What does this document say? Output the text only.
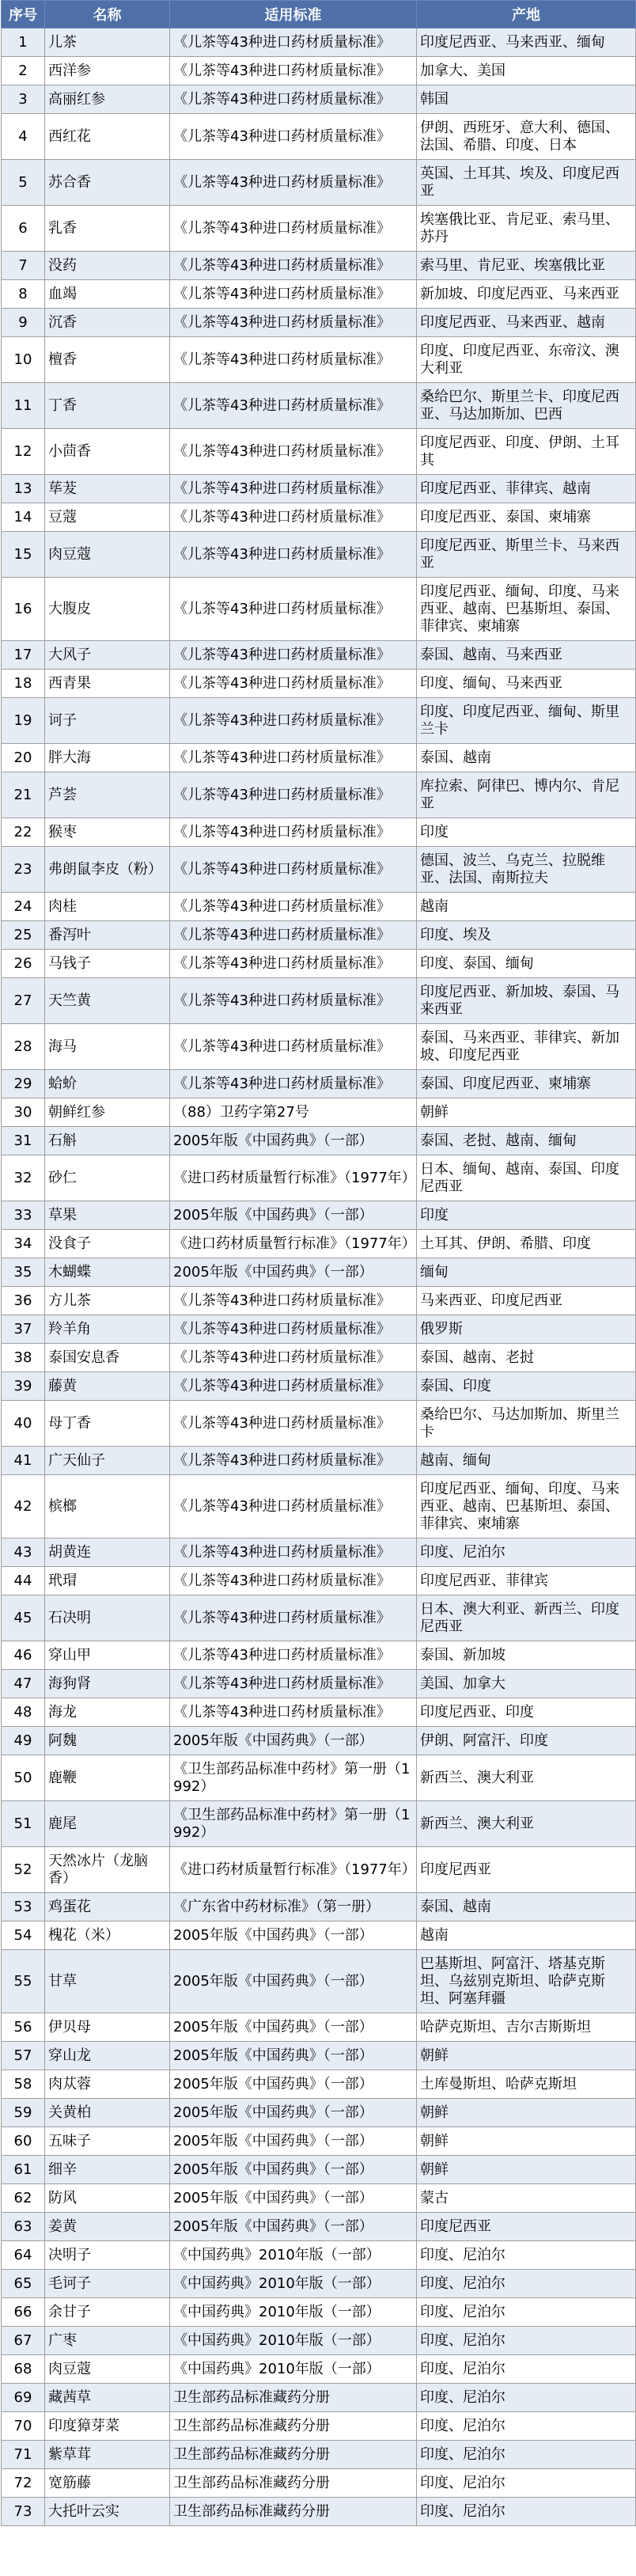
序号	名称	适用标准	产地
1	儿茶	《儿茶等43种进口药材质量标准》	印度尼西亚、马来西亚、缅甸
2	西洋参	《儿茶等43种进口药材质量标准》	加拿大、美国
3	高丽红参	《儿茶等43种进口药材质量标准》	韩国
4	西红花	《儿茶等43种进口药材质量标准》	伊朗、西班牙、意大利、德国、法国、希腊、印度、日本
5	苏合香	《儿茶等43种进口药材质量标准》	英国、土耳其、埃及、印度尼西亚
6	乳香	《儿茶等43种进口药材质量标准》	埃塞俄比亚、肯尼亚、索马里、苏丹
7	没药	《儿茶等43种进口药材质量标准》	索马里、肯尼亚、埃塞俄比亚
8	血竭	《儿茶等43种进口药材质量标准》	新加坡、印度尼西亚、马来西亚
9	沉香	《儿茶等43种进口药材质量标准》	印度尼西亚、马来西亚、越南
10	檀香	《儿茶等43种进口药材质量标准》	印度、印度尼西亚、东帝汶、澳大利亚
11	丁香	《儿茶等43种进口药材质量标准》	桑给巴尔、斯里兰卡、印度尼西亚、马达加斯加、巴西
12	小茴香	《儿茶等43种进口药材质量标准》	印度尼西亚、印度、伊朗、土耳其
13	荜茇	《儿茶等43种进口药材质量标准》	印度尼西亚、菲律宾、越南
14	豆蔻	《儿茶等43种进口药材质量标准》	印度尼西亚、泰国、柬埔寨
15	肉豆蔻	《儿茶等43种进口药材质量标准》	印度尼西亚、斯里兰卡、马来西亚
16	大腹皮	《儿茶等43种进口药材质量标准》	印度尼西亚、缅甸、印度、马来西亚、越南、巴基斯坦、泰国、菲律宾、柬埔寨
17	大风子	《儿茶等43种进口药材质量标准》	泰国、越南、马来西亚
18	西青果	《儿茶等43种进口药材质量标准》	印度、缅甸、马来西亚
19	诃子	《儿茶等43种进口药材质量标准》	印度、印度尼西亚、缅甸、斯里兰卡
20	胖大海	《儿茶等43种进口药材质量标准》	泰国、越南
21	芦荟	《儿茶等43种进口药材质量标准》	库拉索、阿律巴、博内尔、肯尼亚
22	猴枣	《儿茶等43种进口药材质量标准》	印度
23	弗朗鼠李皮（粉）	《儿茶等43种进口药材质量标准》	德国、波兰、乌克兰、拉脱维亚、法国、南斯拉夫
24	肉桂	《儿茶等43种进口药材质量标准》	越南
25	番泻叶	《儿茶等43种进口药材质量标准》	印度、埃及
26	马钱子	《儿茶等43种进口药材质量标准》	印度、泰国、缅甸
27	天竺黄	《儿茶等43种进口药材质量标准》	印度尼西亚、新加坡、泰国、马来西亚
28	海马	《儿茶等43种进口药材质量标准》	泰国、马来西亚、菲律宾、新加坡、印度尼西亚
29	蛤蚧	《儿茶等43种进口药材质量标准》	泰国、印度尼西亚、柬埔寨
30	朝鲜红参	（88）卫药字第27号	朝鲜
31	石斛	2005年版《中国药典》（一部）	泰国、老挝、越南、缅甸
32	砂仁	《进口药材质量暂行标准》（1977年）	日本、缅甸、越南、泰国、印度尼西亚
33	草果	2005年版《中国药典》（一部）	印度
34	没食子	《进口药材质量暂行标准》（1977年）	土耳其、伊朗、希腊、印度
35	木蝴蝶	2005年版《中国药典》（一部）	缅甸
36	方儿茶	《儿茶等43种进口药材质量标准》	马来西亚、印度尼西亚
37	羚羊角	《儿茶等43种进口药材质量标准》	俄罗斯
38	泰国安息香	《儿茶等43种进口药材质量标准》	泰国、越南、老挝
39	藤黄	《儿茶等43种进口药材质量标准》	泰国、印度
40	母丁香	《儿茶等43种进口药材质量标准》	桑给巴尔、马达加斯加、斯里兰卡
41	广天仙子	《儿茶等43种进口药材质量标准》	越南、缅甸
42	槟榔	《儿茶等43种进口药材质量标准》	印度尼西亚、缅甸、印度、马来西亚、越南、巴基斯坦、泰国、菲律宾、柬埔寨
43	胡黄连	《儿茶等43种进口药材质量标准》	印度、尼泊尔
44	玳瑁	《儿茶等43种进口药材质量标准》	印度尼西亚、菲律宾
45	石决明	《儿茶等43种进口药材质量标准》	日本、澳大利亚、新西兰、印度尼西亚
46	穿山甲	《儿茶等43种进口药材质量标准》	泰国、新加坡
47	海狗肾	《儿茶等43种进口药材质量标准》	美国、加拿大
48	海龙	《儿茶等43种进口药材质量标准》	印度尼西亚、印度
49	阿魏	2005年版《中国药典》（一部）	伊朗、阿富汗、印度
50	鹿鞭	《卫生部药品标准中药材》第一册（1992）	新西兰、澳大利亚
51	鹿尾	《卫生部药品标准中药材》第一册（1992）	新西兰、澳大利亚
52	天然冰片（龙脑香）	《进口药材质量暂行标准》（1977年）	印度尼西亚
53	鸡蛋花	《广东省中药材标准》（第一册）	泰国、越南
54	槐花（米）	2005年版《中国药典》（一部）	越南
55	甘草	2005年版《中国药典》（一部）	巴基斯坦、阿富汗、塔基克斯坦、乌兹别克斯坦、哈萨克斯坦、阿塞拜疆
56	伊贝母	2005年版《中国药典》（一部）	哈萨克斯坦、吉尔吉斯斯坦
57	穿山龙	2005年版《中国药典》（一部）	朝鲜
58	肉苁蓉	2005年版《中国药典》（一部）	土库曼斯坦、哈萨克斯坦
59	关黄柏	2005年版《中国药典》（一部）	朝鲜
60	五味子	2005年版《中国药典》（一部）	朝鲜
61	细辛	2005年版《中国药典》（一部）	朝鲜
62	防风	2005年版《中国药典》（一部）	蒙古
63	姜黄	2005年版《中国药典》（一部）	印度尼西亚
64	决明子	《中国药典》2010年版（一部）	印度、尼泊尔
65	毛诃子	《中国药典》2010年版（一部）	印度、尼泊尔
66	余甘子	《中国药典》2010年版（一部）	印度、尼泊尔
67	广枣	《中国药典》2010年版（一部）	印度、尼泊尔
68	肉豆蔻	《中国药典》2010年版（一部）	印度、尼泊尔
69	藏茜草	卫生部药品标准藏药分册	印度、尼泊尔
70	印度獐芽菜	卫生部药品标准藏药分册	印度、尼泊尔
71	紫草茸	卫生部药品标准藏药分册	印度、尼泊尔
72	宽筋藤	卫生部药品标准藏药分册	印度、尼泊尔
73	大托叶云实	卫生部药品标准藏药分册	印度、尼泊尔
